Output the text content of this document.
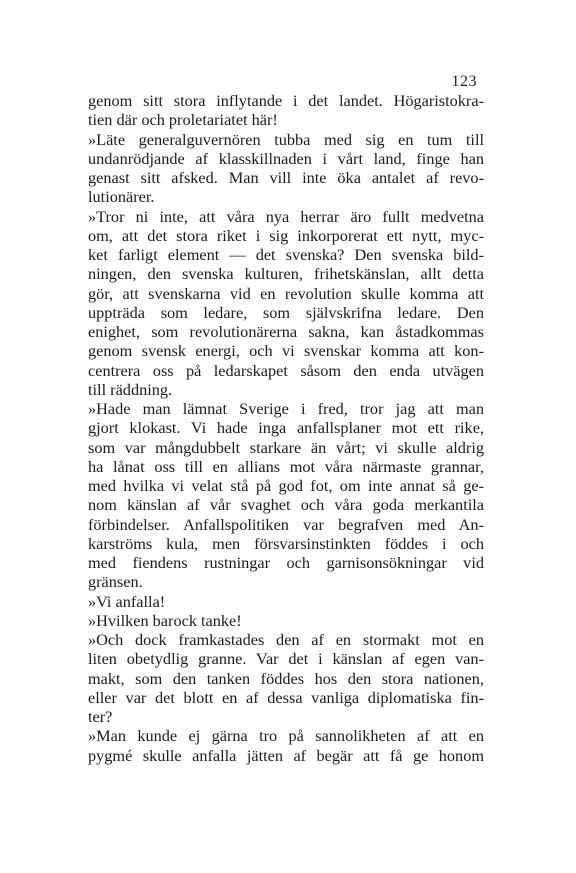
123
genom sitt stora inflytande i det landet. Högaristokra-
tien där och proletariatet här!
»Läte generalguvernören tubba med sig en tum till
undanrödjande af klasskillnaden i vårt land, finge han
genast sitt afsked. Man vill inte öka antalet af revo-
lutionärer.
»Tror ni inte, att våra nya herrar äro fullt medvetna
om, att det stora riket i sig inkorporerat ett nytt, myc-
ket farligt element — det svenska? Den svenska bild-
ningen, den svenska kulturen, frihetskänslan, allt detta
gör, att svenskarna vid en revolution skulle komma att
uppträda som ledare, som självskrifna ledare. Den
enighet, som revolutionärerna sakna, kan åstadkommas
genom svensk energi, och vi svenskar komma att kon-
centrera oss på ledarskapet såsom den enda utvägen
till räddning.
»Hade man lämnat Sverige i fred, tror jag att man
gjort klokast. Vi hade inga anfallsplaner mot ett rike,
som var mångdubbelt starkare än vårt; vi skulle aldrig
ha lånat oss till en allians mot våra närmaste grannar,
med hvilka vi velat stå på god fot, om inte annat så ge-
nom känslan af vår svaghet och våra goda merkantila
förbindelser. Anfallspolitiken var begrafven med An-
karströms kula, men försvarsinstinkten föddes i och
med fiendens rustningar och garnisonsökningar vid
gränsen.
»Vi anfalla!
»Hvilken barock tanke!
»Och dock framkastades den af en stormakt mot en
liten obetydlig granne. Var det i känslan af egen van-
makt, som den tanken föddes hos den stora nationen,
eller var det blott en af dessa vanliga diplomatiska fin-
ter?
»Man kunde ej gärna tro på sannolikheten af att en
pygmé skulle anfalla jätten af begär att få ge honom
